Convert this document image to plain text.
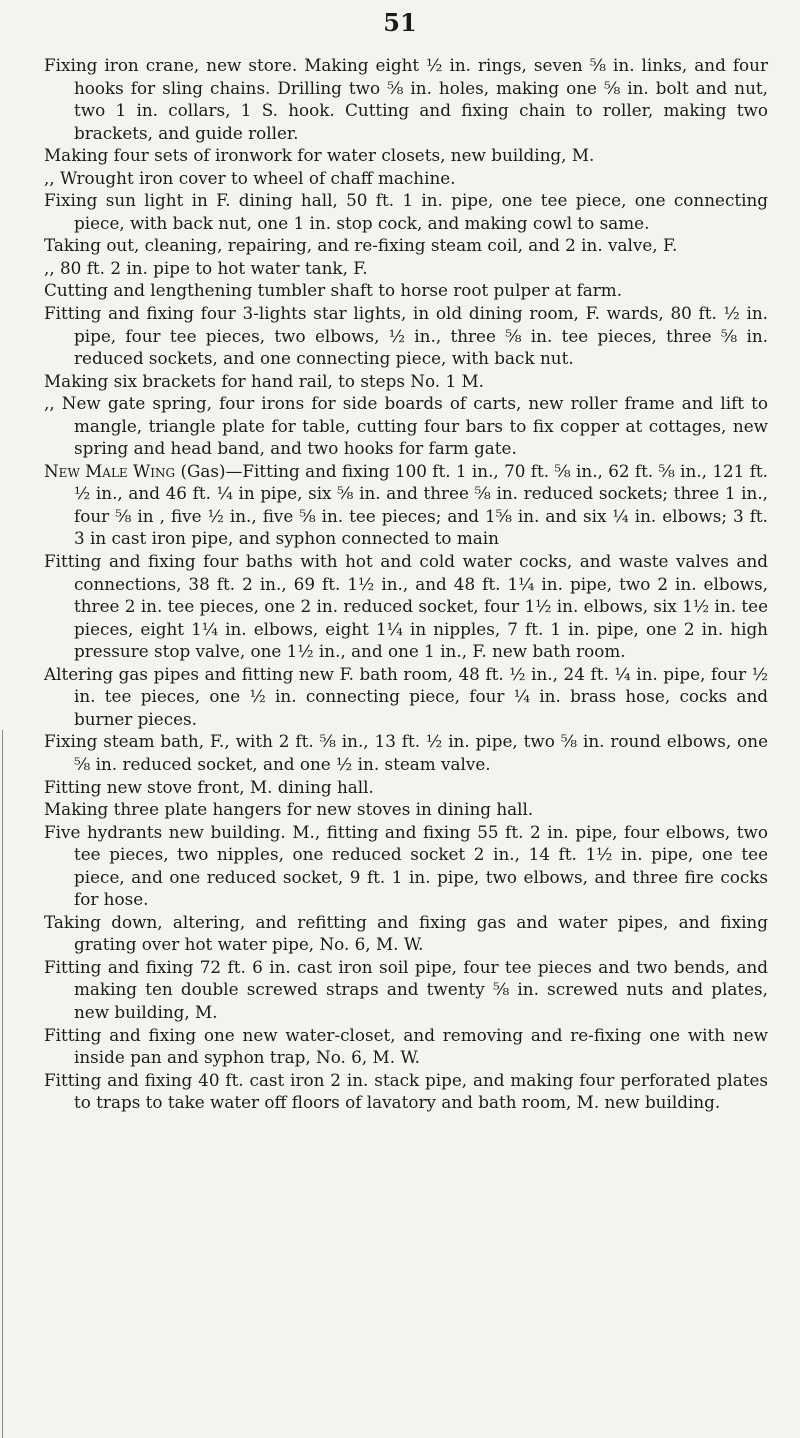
51

Fixing iron crane, new store. Making eight ½ in. rings, seven ⅝ in. links, and four hooks for sling chains. Drilling two ⅝ in. holes, making one ⅝ in. bolt and nut, two 1 in. collars, 1 S. hook. Cutting and fixing chain to roller, making two brackets, and guide roller.

Making four sets of ironwork for water closets, new building, M.

,, Wrought iron cover to wheel of chaff machine.

Fixing sun light in F. dining hall, 50 ft. 1 in. pipe, one tee piece, one connecting piece, with back nut, one 1 in. stop cock, and making cowl to same.

Taking out, cleaning, repairing, and re-fixing steam coil, and 2 in. valve, F.

,, 80 ft. 2 in. pipe to hot water tank, F.

Cutting and lengthening tumbler shaft to horse root pulper at farm.

Fitting and fixing four 3-lights star lights, in old dining room, F. wards, 80 ft. ½ in. pipe, four tee pieces, two elbows, ½ in., three ⅝ in. tee pieces, three ⅝ in. reduced sockets, and one connecting piece, with back nut.

Making six brackets for hand rail, to steps No. 1 M.

,, New gate spring, four irons for side boards of carts, new roller frame and lift to mangle, triangle plate for table, cutting four bars to fix copper at cottages, new spring and head band, and two hooks for farm gate.

New Male Wing (Gas)—Fitting and fixing 100 ft. 1 in., 70 ft. ⅝ in., 62 ft. ⅝ in., 121 ft. ½ in., and 46 ft. ¼ in pipe, six ⅝ in. and three ⅝ in. reduced sockets; three 1 in., four ⅝ in , five ½ in., five ⅝ in. tee pieces; and 1⅝ in. and six ¼ in. elbows; 3 ft. 3 in cast iron pipe, and syphon connected to main

Fitting and fixing four baths with hot and cold water cocks, and waste valves and connections, 38 ft. 2 in., 69 ft. 1½ in., and 48 ft. 1¼ in. pipe, two 2 in. elbows, three 2 in. tee pieces, one 2 in. reduced socket, four 1½ in. elbows, six 1½ in. tee pieces, eight 1¼ in. elbows, eight 1¼ in nipples, 7 ft. 1 in. pipe, one 2 in. high pressure stop valve, one 1½ in., and one 1 in., F. new bath room.

Altering gas pipes and fitting new F. bath room, 48 ft. ½ in., 24 ft. ¼ in. pipe, four ½ in. tee pieces, one ½ in. connecting piece, four ¼ in. brass hose, cocks and burner pieces.

Fixing steam bath, F., with 2 ft. ⅝ in., 13 ft. ½ in. pipe, two ⅝ in. round elbows, one ⅝ in. reduced socket, and one ½ in. steam valve.

Fitting new stove front, M. dining hall.

Making three plate hangers for new stoves in dining hall.

Five hydrants new building. M., fitting and fixing 55 ft. 2 in. pipe, four elbows, two tee pieces, two nipples, one reduced socket 2 in., 14 ft. 1½ in. pipe, one tee piece, and one reduced socket, 9 ft. 1 in. pipe, two elbows, and three fire cocks for hose.

Taking down, altering, and refitting and fixing gas and water pipes, and fixing grating over hot water pipe, No. 6, M. W.

Fitting and fixing 72 ft. 6 in. cast iron soil pipe, four tee pieces and two bends, and making ten double screwed straps and twenty ⅝ in. screwed nuts and plates, new building, M.

Fitting and fixing one new water-closet, and removing and re-fixing one with new inside pan and syphon trap, No. 6, M. W.

Fitting and fixing 40 ft. cast iron 2 in. stack pipe, and making four perforated plates to traps to take water off floors of lavatory and bath room, M. new building.
